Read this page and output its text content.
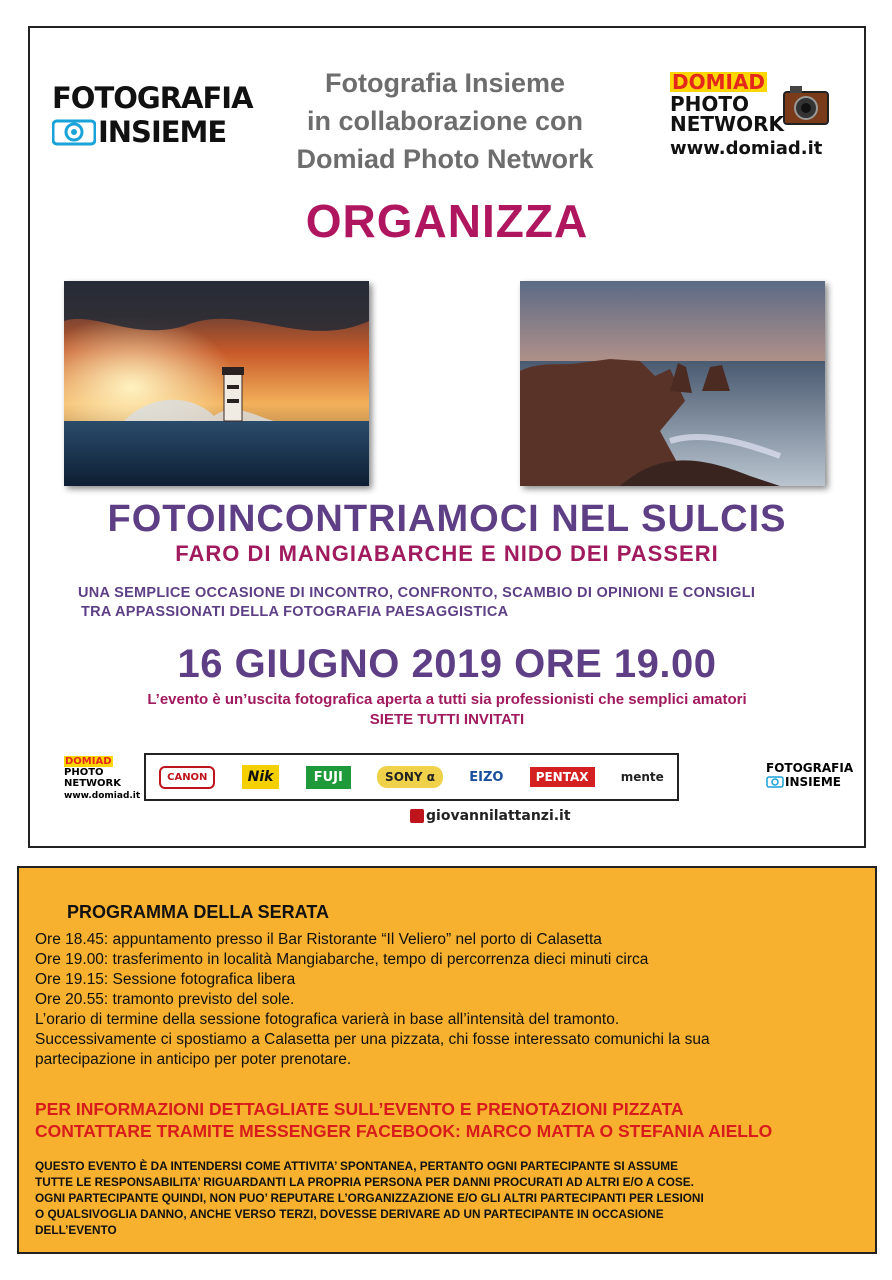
FOTOGRAFIA
INSIEME
Fotografia Insieme
in collaborazione con
Domiad Photo Network
DOMIAD
PHOTO
NETWORK
www.domiad.it
ORGANIZZA
FOTOINCONTRIAMOCI NEL SULCIS
FARO DI MANGIABARCHE E NIDO DEI PASSERI
UNA SEMPLICE OCCASIONE DI INCONTRO, CONFRONTO, SCAMBIO DI OPINIONI E CONSIGLI
TRA APPASSIONATI DELLA FOTOGRAFIA PAESAGGISTICA
16 GIUGNO 2019 ORE 19.00
L’evento è un’uscita fotografica aperta a tutti sia professionisti che semplici amatori
SIETE TUTTI INVITATI
DOMIAD
PHOTO
NETWORK
www.domiad.it
CANON	Nik	FUJI	SONY α	EIZO	PENTAX	mente
FOTOGRAFIA
INSIEME
giovannilattanzi.it
PROGRAMMA DELLA SERATA
Ore 18.45: appuntamento presso il Bar Ristorante “Il Veliero” nel porto di Calasetta
Ore 19.00: trasferimento in località Mangiabarche, tempo di percorrenza dieci minuti circa
Ore 19.15: Sessione fotografica libera
Ore 20.55: tramonto previsto del sole.
L’orario di termine della sessione fotografica varierà in base all’intensità del tramonto.
Successivamente ci spostiamo a Calasetta per una pizzata, chi fosse interessato comunichi la sua
partecipazione in anticipo per poter prenotare.
PER INFORMAZIONI DETTAGLIATE SULL’EVENTO E PRENOTAZIONI PIZZATA
CONTATTARE TRAMITE MESSENGER FACEBOOK: MARCO MATTA O STEFANIA AIELLO
QUESTO EVENTO È DA INTENDERSI COME ATTIVITA’ SPONTANEA, PERTANTO OGNI PARTECIPANTE SI ASSUME
TUTTE LE RESPONSABILITA’ RIGUARDANTI LA PROPRIA PERSONA PER DANNI PROCURATI AD ALTRI E/O A COSE.
OGNI PARTECIPANTE QUINDI, NON PUO’ REPUTARE L’ORGANIZZAZIONE E/O GLI ALTRI PARTECIPANTI PER LESIONI
O QUALSIVOGLIA DANNO, ANCHE VERSO TERZI, DOVESSE DERIVARE AD UN PARTECIPANTE IN OCCASIONE
DELL’EVENTO
